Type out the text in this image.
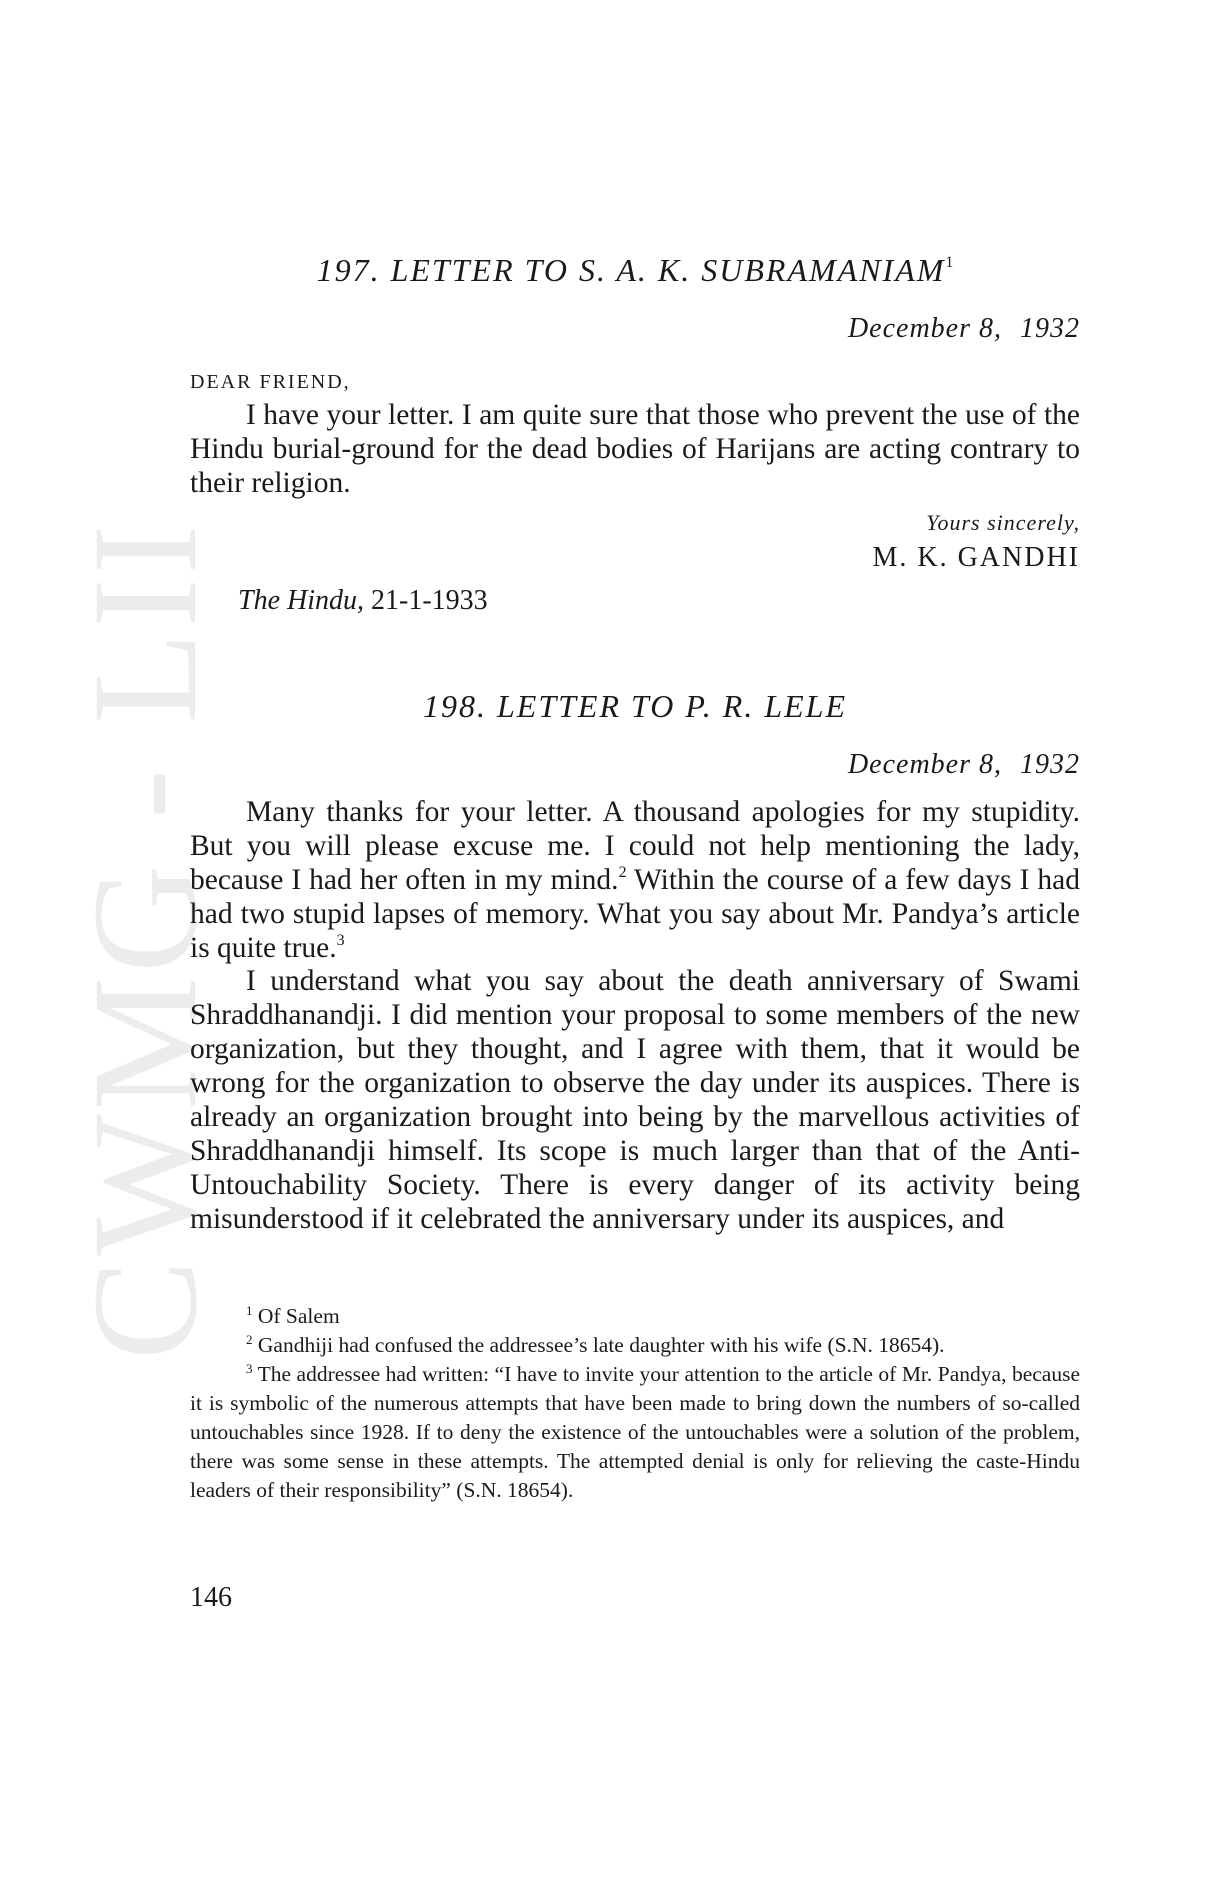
CWMG - LII
197. LETTER TO S. A. K. SUBRAMANIAM$^1$
December 8, 1932
DEAR FRIEND,
I have your letter. I am quite sure that those who prevent the use of the Hindu burial-ground for the dead bodies of Harijans are acting contrary to their religion.
Yours sincerely,
M. K. GANDHI
The Hindu, 21-1-1933
198. LETTER TO P. R. LELE
December 8, 1932
Many thanks for your letter. A thousand apologies for my stupidity. But you will please excuse me. I could not help mentioning the lady, because I had her often in my mind.$^2$ Within the course of a few days I had had two stupid lapses of memory. What you say about Mr. Pandya’s article is quite true.$^3$
I understand what you say about the death anniversary of Swami Shraddhanandji. I did mention your proposal to some members of the new organization, but they thought, and I agree with them, that it would be wrong for the organization to observe the day under its auspices. There is already an organization brought into being by the marvellous activities of Shraddhanandji himself. Its scope is much larger than that of the Anti-Untouchability Society. There is every danger of its activity being misunderstood if it celebrated the anniversary under its auspices, and
$^1$ Of Salem
$^2$ Gandhiji had confused the addressee’s late daughter with his wife (S.N. 18654).
$^3$ The addressee had written: “I have to invite your attention to the article of Mr. Pandya, because it is symbolic of the numerous attempts that have been made to bring down the numbers of so-called untouchables since 1928. If to deny the existence of the untouchables were a solution of the problem, there was some sense in these attempts. The attempted denial is only for relieving the caste-Hindu leaders of their responsibility” (S.N. 18654).
146
